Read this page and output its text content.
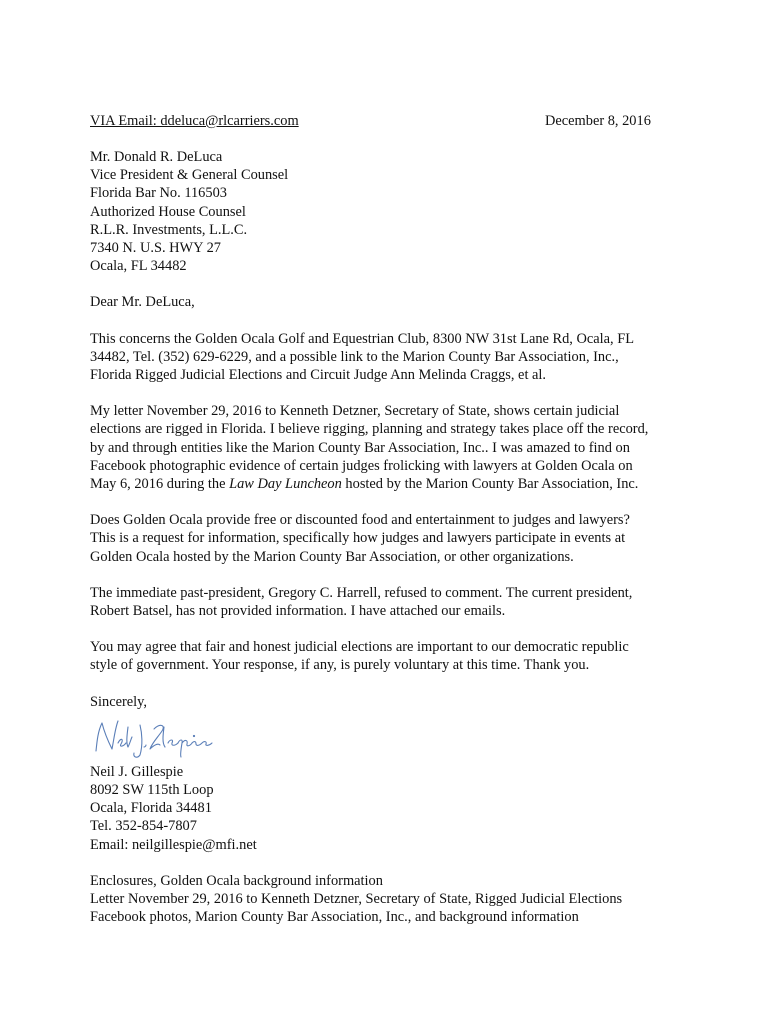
VIA Email: ddeluca@rlcarriers.com	December 8, 2016
Mr. Donald R. DeLuca
Vice President & General Counsel
Florida Bar No. 116503
Authorized House Counsel
R.L.R. Investments, L.L.C.
7340 N. U.S. HWY 27
Ocala, FL 34482
Dear Mr. DeLuca,
This concerns the Golden Ocala Golf and Equestrian Club, 8300 NW 31st Lane Rd, Ocala, FL
34482, Tel. (352) 629-6229, and a possible link to the Marion County Bar Association, Inc.,
Florida Rigged Judicial Elections and Circuit Judge Ann Melinda Craggs, et al.
My letter November 29, 2016 to Kenneth Detzner, Secretary of State, shows certain judicial
elections are rigged in Florida. I believe rigging, planning and strategy takes place off the record,
by and through entities like the Marion County Bar Association, Inc.. I was amazed to find on
Facebook photographic evidence of certain judges frolicking with lawyers at Golden Ocala on
May 6, 2016 during the Law Day Luncheon hosted by the Marion County Bar Association, Inc.
Does Golden Ocala provide free or discounted food and entertainment to judges and lawyers?
This is a request for information, specifically how judges and lawyers participate in events at
Golden Ocala hosted by the Marion County Bar Association, or other organizations.
The immediate past-president, Gregory C. Harrell, refused to comment. The current president,
Robert Batsel, has not provided information. I have attached our emails.
You may agree that fair and honest judicial elections are important to our democratic republic
style of government. Your response, if any, is purely voluntary at this time. Thank you.
Sincerely,
Neil J. Gillespie
8092 SW 115th Loop
Ocala, Florida 34481
Tel. 352-854-7807
Email: neilgillespie@mfi.net
Enclosures, Golden Ocala background information
Letter November 29, 2016 to Kenneth Detzner, Secretary of State, Rigged Judicial Elections
Facebook photos, Marion County Bar Association, Inc., and background information
